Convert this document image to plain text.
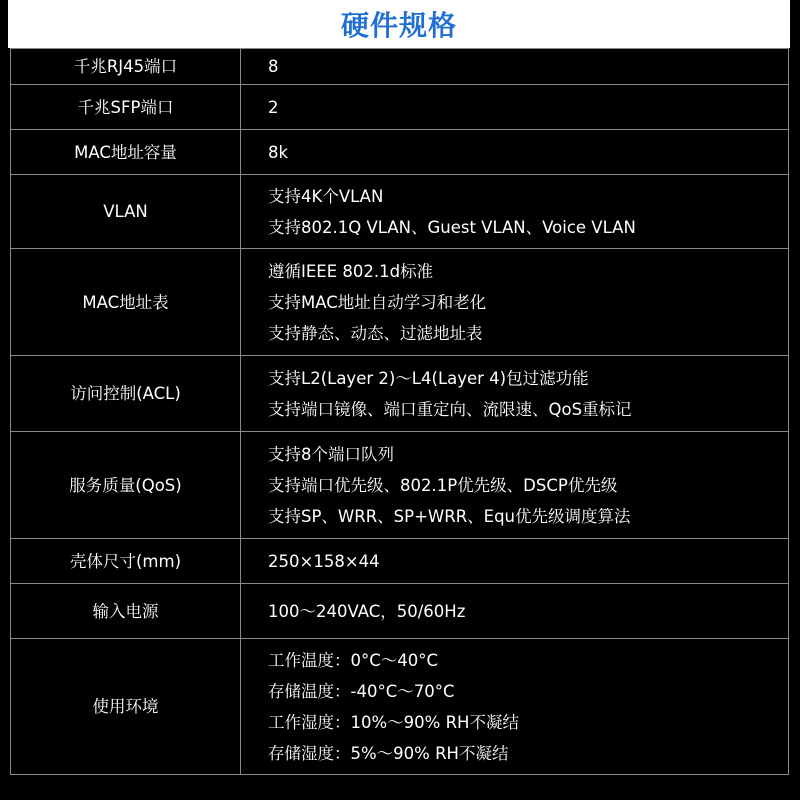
硬件规格
千兆RJ45端口	8

千兆SFP端口	2

MAC地址容量	8k

VLAN	支持4K个VLAN
支持802.1Q VLAN、Guest VLAN、Voice VLAN

MAC地址表	遵循IEEE 802.1d标准
支持MAC地址自动学习和老化
支持静态、动态、过滤地址表

访问控制(ACL)	支持L2(Layer 2)～L4(Layer 4)包过滤功能
支持端口镜像、端口重定向、流限速、QoS重标记

服务质量(QoS)	支持8个端口队列
支持端口优先级、802.1P优先级、DSCP优先级
支持SP、WRR、SP+WRR、Equ优先级调度算法

壳体尺寸(mm)	250×158×44

输入电源	100～240VAC，50/60Hz

使用环境	工作温度：0°C～40°C
存储温度：-40°C～70°C
工作湿度：10%～90% RH不凝结
存储湿度：5%～90% RH不凝结
